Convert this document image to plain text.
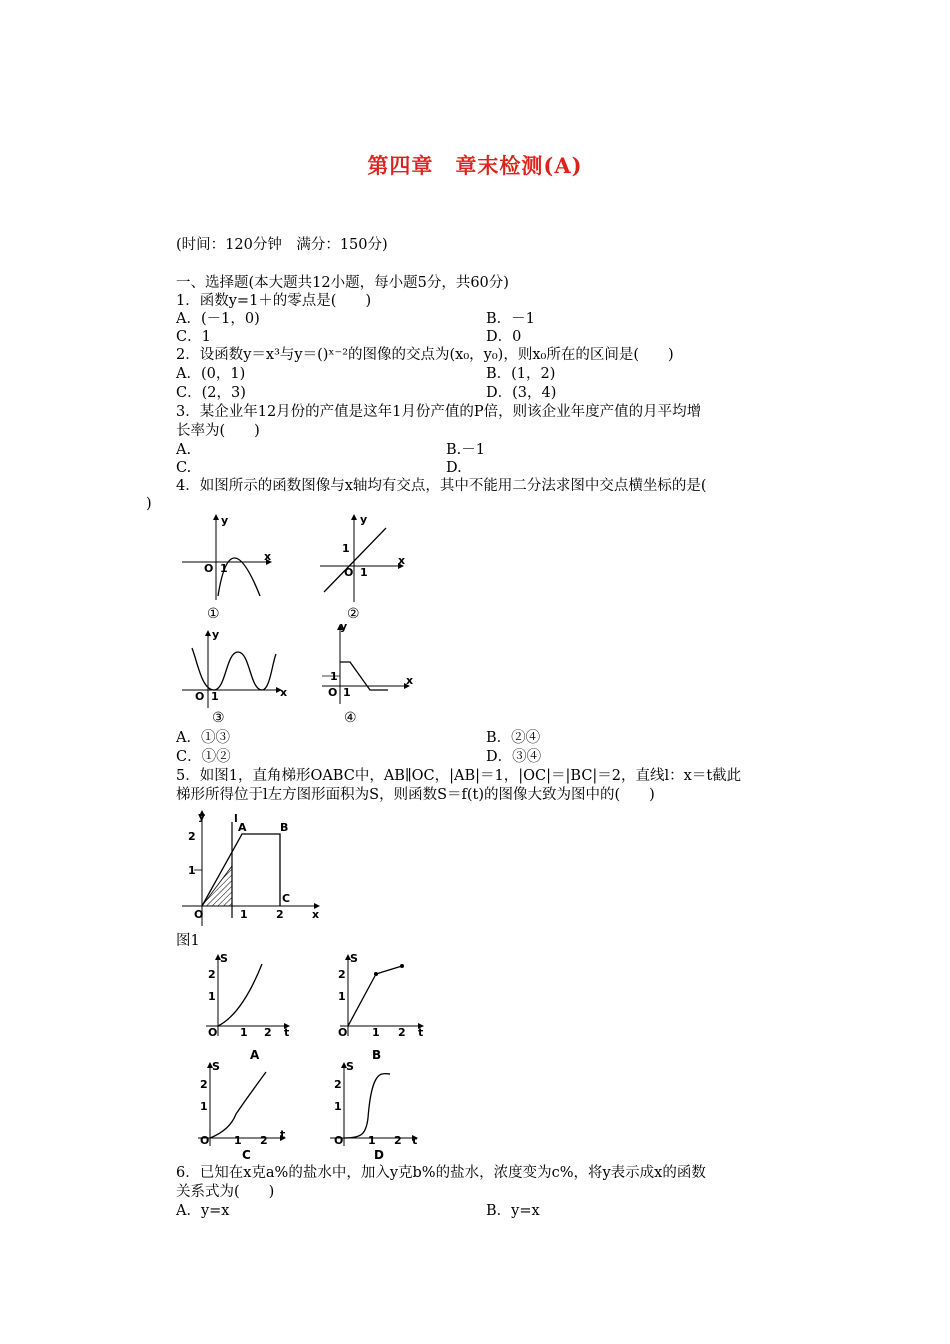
第四章　章末检测(A)
(时间：120分钟　满分：150分)
一、选择题(本大题共12小题，每小题5分，共60分)
1．函数y=1＋的零点是(　　)
A．(－1，0)	B．－1
C．1	D．0
2．设函数y＝x³与y＝()ˣ⁻²的图像的交点为(x₀，y₀)，则x₀所在的区间是(　　)
A．(0，1)	B．(1，2)
C．(2，3)	D．(3，4)
3．某企业年12月份的产值是这年1月份产值的P倍，则该企业年度产值的月平均增
长率为(　　)
A.	B.－1
C.	D.
4．如图所示的函数图像与x轴均有交点，其中不能用二分法求图中交点横坐标的是(
)
y
x
O 1
①
y
x
O
1
1
②
y
x
O 1
③
y
x
O
1
1
④
A．①③	B．②④
C．①②	D．③④
5．如图1，直角梯形OABC中，AB∥OC，|AB|＝1，|OC|＝|BC|＝2，直线l：x＝t截此
梯形所得位于l左方图形面积为S，则函数S＝f(t)的图像大致为图中的(　　)
y	l
A	B
C
x
O	1	2
1
2
图1
S
t
O
1
2
1 2
A
S
t
O
1
2
1 2
B
S
t
O
1
2
1 2
C
S
t
O
1
2
1 2
D
6．已知在x克a%的盐水中，加入y克b%的盐水，浓度变为c%，将y表示成x的函数
关系式为(　　)
A．y=x	B．y=x
